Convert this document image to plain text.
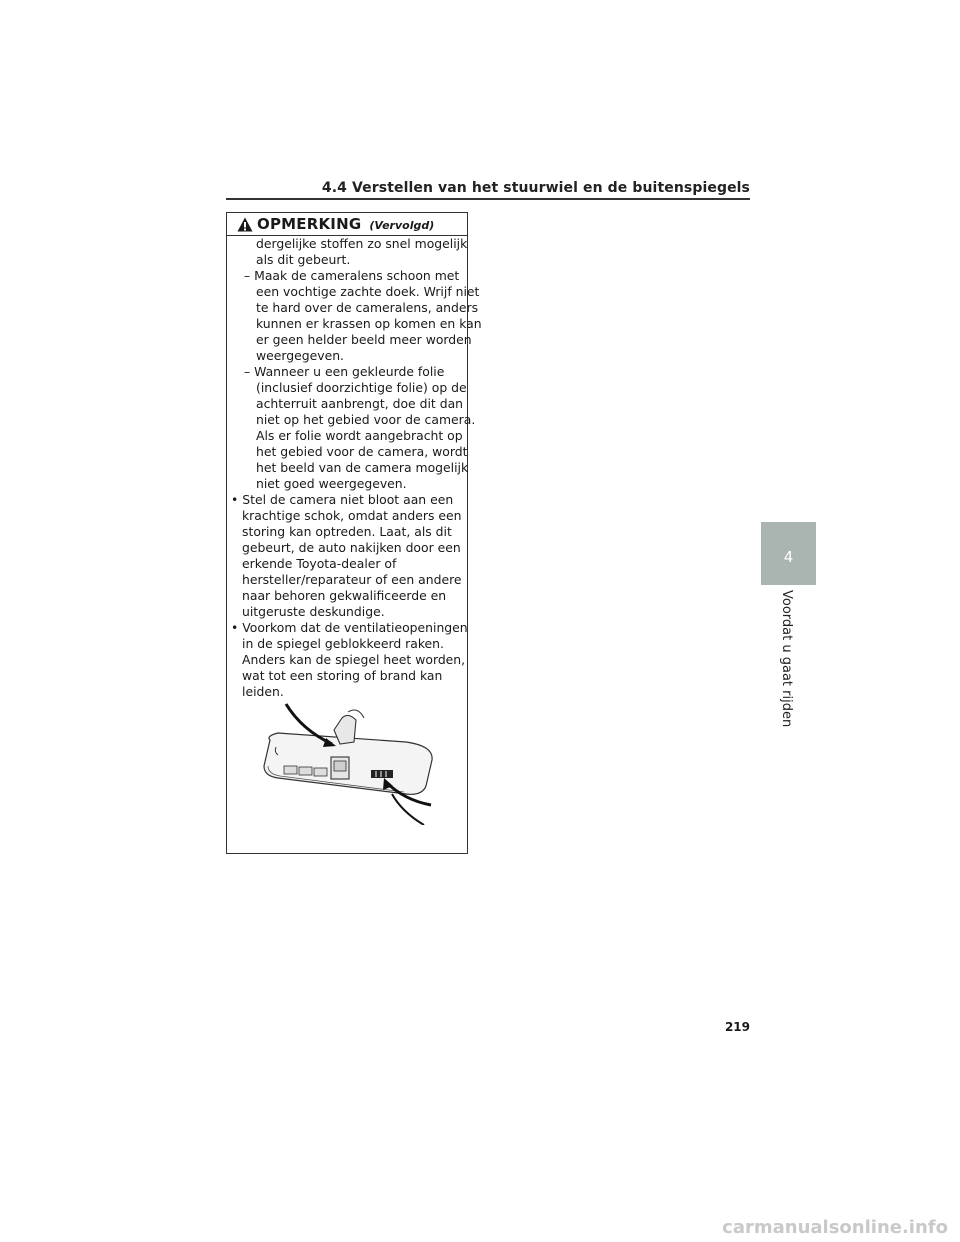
4.4 Verstellen van het stuurwiel en de buitenspiegels
OPMERKING (Vervolgd)
dergelijke stoffen zo snel mogelijk
als dit gebeurt.
– Maak de cameralens schoon met
een vochtige zachte doek. Wrijf niet
te hard over de cameralens, anders
kunnen er krassen op komen en kan
er geen helder beeld meer worden
weergegeven.
– Wanneer u een gekleurde folie
(inclusief doorzichtige folie) op de
achterruit aanbrengt, doe dit dan
niet op het gebied voor de camera.
Als er folie wordt aangebracht op
het gebied voor de camera, wordt
het beeld van de camera mogelijk
niet goed weergegeven.
• Stel de camera niet bloot aan een
krachtige schok, omdat anders een
storing kan optreden. Laat, als dit
gebeurt, de auto nakijken door een
erkende Toyota-dealer of
hersteller/reparateur of een andere
naar behoren gekwalificeerde en
uitgeruste deskundige.
• Voorkom dat de ventilatieopeningen
in de spiegel geblokkeerd raken.
Anders kan de spiegel heet worden,
wat tot een storing of brand kan
leiden.
4
Voordat u gaat rijden
219
carmanualsonline.info
